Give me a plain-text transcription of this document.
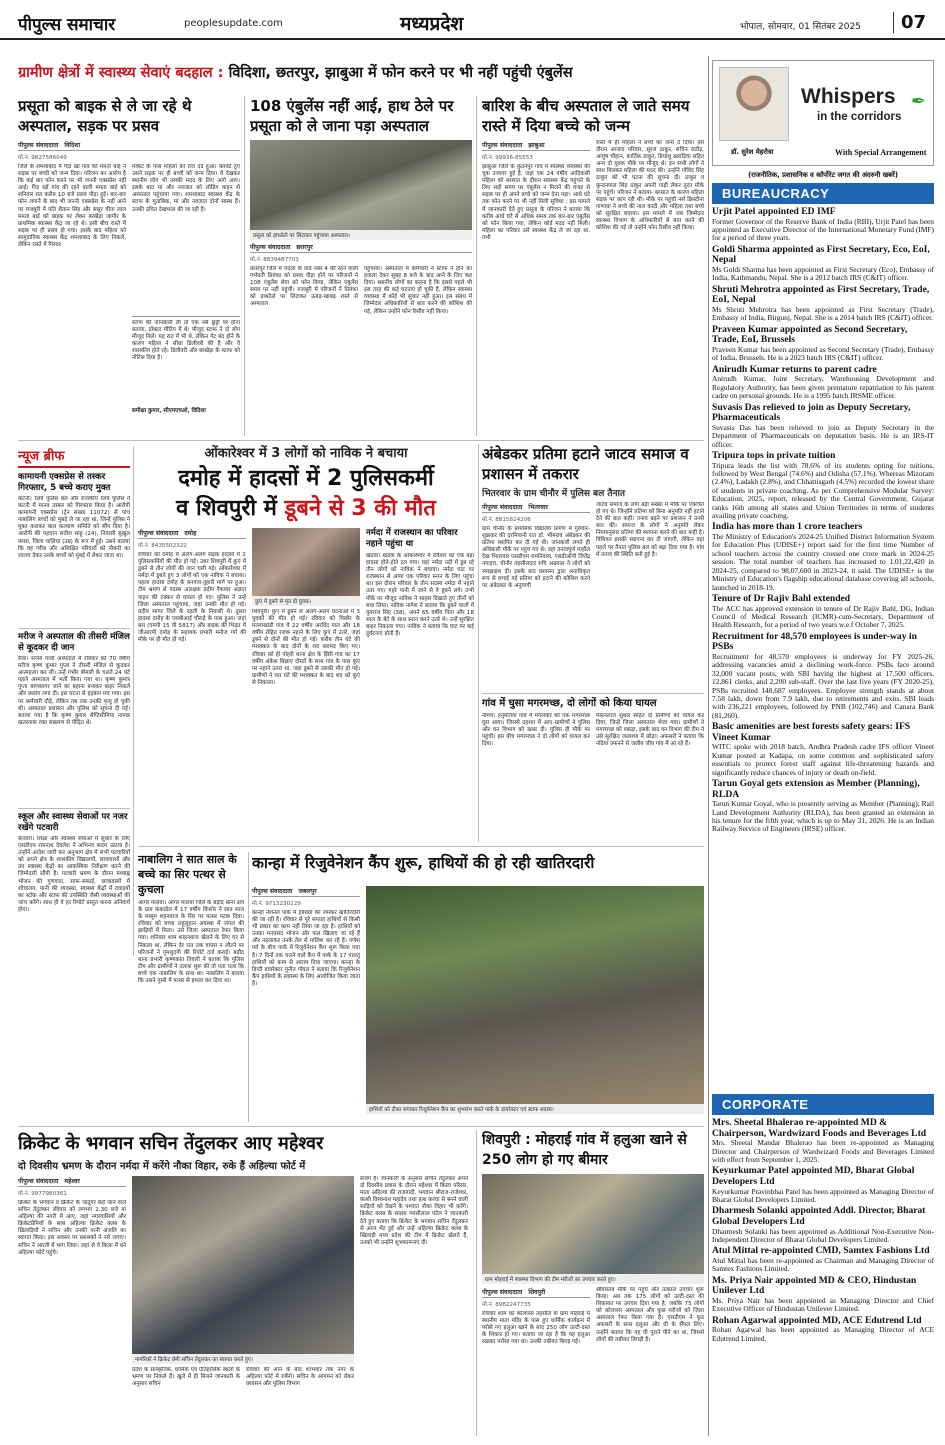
पीपुल्स समाचार	peoplesupdate.com	मध्यप्रदेश	भोपाल, सोमवार, 01 सितंबर 2025	07
ग्रामीण क्षेत्रों में स्वास्थ्य सेवाएं बदहाल : विदिशा, छतरपुर, झाबुआ में फोन करने पर भी नहीं पहुंची एंबुलेंस
प्रसूता को बाइक से ले जा रहे थे अस्पताल, सड़क पर प्रसव
पीपुल्स संवाददाता विदिशा
मो.नं. 9827586049
जिले के शमशाबाद में गैदा खाँ गांव की ममता बाई ने सड़क पर बच्ची को जन्म दिया। परिजन का आरोप है कि कई बार फोन करने पर भी जननी एक्सप्रेस नहीं आई। गैंदा खाँ गांव की रहने वाली ममता बाई को शनिवार रात करीब 10 बजे प्रसव पीड़ा हुई। बार-बार फोन लगाने के बाद भी जननी एक्सप्रेस के नहीं आने पर मजबूरी में पति शैतान सिंह और ससुर चीता लाल ममता बाई को बाइक पर लेकर बरखेड़ा जागीर के प्राथमिक स्वास्थ्य केंद्र जा रहे थे। इसी बीच रास्ते में सड़क पर ही प्रसव हो गया। इसके बाद महिला को सामुदायिक स्वास्थ्य केंद्र शमशाबाद के लिए निकले, लेकिन रास्ते में गिरधर
मार्केट के पास महिला को तेज दर्द हुआ। करवटें हुए उसने सड़क पर ही बच्ची को जन्म दिया। ये देखकर स्थानीय लोग भी उसकी मदद के लिए आगे आए। इसके बाद मां और नवजात को लोडिंग वाहन से अस्पताल पहुंचाया गया। शमशाबाद स्वास्थ्य केंद्र के स्टाफ के मुताबिक, मां और नवजात दोनों स्वस्थ हैं। उनकी उचित देखभाल की जा रही है।
स्टाफ की जानकारी ली तो एक नर्स छुट्टी पर होना बताया, डॉक्टर मीटिंग में थे। मौजूद स्टाफ ने दो लोग मौजूद मिले। यह रात में भी थे, लेकिन गेट बंद होने के कारण महिला ने सीधा डिलीवरी की है और वे शासकीय होते रहे। डिलीवरी और बरखेड़ा के स्टाफ को नोटिस दिया है।
समीक्षा कुमार, सीएमएचओ, विदिशा
108 एंबुलेंस नहीं आई, हाथ ठेले पर प्रसूता को ले जाना पड़ा अस्पताल
प्रसूता को हाथठेले पर लिटाकर पहुंचाया अस्पताल।
पीपुल्स संवाददाता छतरपुर
मो.नं. 8839487703
छतरपुर जिले में चंदला के वार्ड नंबर 4 की रहने वाली गर्भवती प्रियंका को प्रसव पीड़ा होने पर परिजनों ने 108 एंबुलेंस सेवा को फोन किया, लेकिन एंबुलेंस समय पर नहीं पहुंची। मजबूरी में परिजनों ने प्रियंका को हाथठेले पर लिटाकर ऊबड़-खाबड़ रास्ते से अस्पताल
पहुंचाया। अस्पताल में कर्मचारी ने स्टाफ न होने का हवाला देकर सुबह 8 बजे के बाद आने के लिए कह दिया। स्थानीय लोगों का कहना है कि इससे पहले भी इस तरह की कई घटनाएं हो चुकी हैं, लेकिन स्वास्थ्य व्यवस्था में कोई भी सुधार नहीं हुआ। इस संबंध में जिम्मेदार अधिकारियों से बात करने की कोशिश की गई, लेकिन उन्होंने फोन रिसीव नहीं किया।
बारिश के बीच अस्पताल ले जाते समय रास्ते में दिया बच्चे को जन्म
पीपुल्स संवाददाता झाबुआ
मो.नं. 99936-85553
झाबुआ जिले के कुंदनपुर गांव में स्वास्थ्य व्यवस्था की चूक उजागर हुई है, जहां एक 24 वर्षीय आदिवासी महिला को बरसात के दौरान स्वास्थ्य केंद्र पहुंचने के लिए सही समय पर एंबुलेंस न मिलने की वजह से सड़क पर ही अपने बच्चे को जन्म देना पड़ा। आधे घंटे तक फोन करने पर भी नहीं मिली सुविधा : इस मामले में जानकारी देते हुए प्रसूता के परिजन ने बताया कि करीब आधे घंटे से अधिक समय तक बार-बार एंबुलेंस को फोन किया गया, लेकिन कोई मदद नहीं मिली। महिला का परिवार उसे स्वास्थ्य केंद्र ले जा रहा था, तभी
रास्ते में ही महिला ने बच्चे को जन्म दे दिया। इस दौरान आजाद परिवार, सूरज ठाकुर, सचिन राठौड़, आयुष चौहान, कार्तिक ठाकुर, प्रियांशु खराड़िया सहित अन्य दो युवक मौके पर मौजूद थे। इन सभी लोगों ने साथ मिलकर महिला की मदद की। उन्होंने गोविंद सिंह ठाकुर को भी घटना की सूचना दी। ठाकुर व कुन्दनपाल सिंह ठाकुर अपनी गाड़ी लेकर तुरंत मौके पर पहुंचे। परिजन ने बताया- बरसात के कारण महिला सड़क पर कांप रही थी। मौके पर पहुंची नर्स क्रिस्टीना गाणावा ने बच्चे की नाल काटी और महिला तथा बच्चे को सुरक्षित बचाया। इस मामले में जब जिम्मेदार स्वास्थ्य विभाग के अधिकारियों से बात करने की कोशिश की गई तो उन्होंने फोन रिसीव नहीं किया।
न्यूज ब्रीफ
कामायनी एक्सप्रेस से तस्कर गिरफ्तार, 5 बच्चे कराए मुक्त
कटनी। रेलवे पुलिस बल और राजकीय रेलवे पुलिस ने कटनी में मानव तस्कर को गिरफ्तार किया है। आरोपी कामायनी एक्सप्रेस (ट्रेन संख्या 11072) से पांच नाबालिग बच्चों को मुंबई ले जा रहा था, जिन्हें पुलिस ने मुक्त कराकर बाल कल्याण समिति को सौंप दिया है। आरोपी की पहचान सतीश साहू (24), निवासी सुखुल छपरा, जिला चालिया (उप्र) के रूप में हुई। उसने बताया कि वह गरीब और अशिक्षित परिवारों को नौकरी का लालच देकर उनके बच्चों को मुंबई में लेकर जाता था।
मरीज ने अस्पताल की तीसरी मंजिल से कूदकर दी जान
रीवा। संजय गांधी अस्पताल में रविवार को 70 वर्षीय मरीज कृष्ण कुमार गुप्ता ने तीसरी मंजिल से कूदकर आत्महत्या कर ली। उन्हें गंभीर बीमारी के चलते 24 घंटे पहले अस्पताल में भर्ती किया गया था। कृष्ण कुमार गुप्ता बाणसागर जाने का बहाना बनाकर बाहर निकले और छलांग लगा दी। इस घटना से हड़कंप मच गया। इस पर कर्मचारी दौड़े, लेकिन तब तक उनकी मृत्यु हो चुकी थी। अस्पताल प्रशासन और पुलिस को सूचना दी गई। बताया गया है कि कृष्ण कुमार सेप्टिसीमिया नामक खतरनाक रक्त संक्रमण से पीड़ित थे।
स्कूल और स्वास्थ्य सेवाओं पर नजर रखेंगे पटवारी
बाजारा। शिक्षा और स्वास्थ्य सेवाओं में सुधार के लिए एसडीएम रामनाथ देवलेश ने अभिनव कदम उठाया है। उन्होंने आदेश जारी कर अनुभाग क्षेत्र में सभी पटवारियों को अपने क्षेत्र के शासकीय विद्यालयों, छात्रावासों और उप स्वास्थ्य केंद्रों का आकस्मिक निरीक्षण करने की जिम्मेदारी सौंपी है। पटवारी भ्रमण के दौरान मध्याह्न भोजन की गुणवत्ता, साफ-सफाई, छात्रावासों में शौचालय, पानी की व्यवस्था, स्वास्थ्य केंद्रों में दवाइयों का स्टॉक और स्टाफ की उपस्थिति जैसी व्यवस्थाओं की जांच करेंगे। साथ ही वे हर रिपोर्ट प्रस्तुत करना अनिवार्य होगा।
ओंकारेश्वर में 3 लोगों को नाविक ने बचाया
दमोह में हादसों में 2 पुलिसकर्मी
व शिवपुरी में डूबने से 3 की मौत
पीपुल्स संवाददाता दमोह
मो.नं. 8435502322
रविवार को दमोह में अलग-अलग सड़क हादसों में 2 पुलिसकर्मियों की मौत हो गई। उधर शिवपुरी में कुएं में डूबने से तीन लोगों की जान चली गई। ओंकारेश्वर में नर्मदा में डूबते हुए 3 लोगों को एक नाविक ने बचाया। पहला हादसा दमोह के बनगांव-तुहारी मार्ग पर हुआ। टीम भ्रमण से पदस्थ आरक्षक प्रदीप रैकवार अज्ञात वाहन की टक्कर से घायल हो गए। पुलिस ने उन्हें जिला अस्पताल पहुंचाया, जहां उनकी मौत हो गई। प्रदीप सागर जिले के रहली के निवासी थे। दूसरा हादसा दमोह के एसबीआई चौराहे के पास हुआ। जहां बस (एमपी 15 पी 5817) और बाइक की भिड़ंत में जीआरपी दमोह के सहायक प्रभारी मनोज गर्ग की मौके पर ही मौत हो गई।
कुएं में डूबने से मृत दो युवक।
शिवपुरी। कुएं में डूबने से अलग-अलग घटनाओं में 3 युवकों की मौत हो गई। रविवार को पिछोर के मल्लाखांडी गांव में 22 वर्षीय अरविंद पाल और 18 वर्षीय रोहित रजक नहाने के लिए कुएं में उतरे, जहां डूबने से दोनों की मौत हो गई। करीब तीन घंटे की मशक्कत के बाद दोनों के शव बरामद किए गए। रविवार को ही पोहरी थाना क्षेत्र के झिरी गांव का 17 वर्षीय अंकेश बिछाए दोस्तों के साथ गांव के पास कुएं पर नहाने उतरा था, जहां डूबने से उसकी मौत हो गई। ग्रामीणों ने चार घंटे की मशक्कत के बाद शव को कुएं से निकाला।
नर्मदा में राजस्थान का परिवार नहाने पहुंचा था
खंडवा। खंडवा के ओंकारेश्वर में रविवार को एक बड़ा हादसा होते-होते टल गया। यहां नर्मदा नदी में डूब रहे तीन लोगों को नाविक ने बचाया। नर्मदा घाट पर राजस्थान से आया एक परिवार स्नान के लिए पहुंचा था। इस दौरान परिवार के तीन सदस्य नर्मदा में नहाने उतर गए। गहरे पानी में जाने से वे डूबने लगे। तभी मौके पर मौजूद नाविक ने साहस दिखाते हुए तीनों को बचा लिया। नाविक नागेश ने बताया कि डूबने वालों में युवराज सिंह (38), अपने 65 वर्षीय पिता और 18 साल के बेटे के साथ स्नान करने उतरे थे। उन्हें सुरक्षित बाहर निकाला गया। नाविक ने बताया कि घाट पर कई दुर्घटनाएं होती हैं।
अंबेडकर प्रतिमा हटाने जाटव समाज व प्रशासन में तकरार
भितरवार के ग्राम चीनौर में पुलिस बल तैनात
पीपुल्स संवाददाता भितरवार
मो.नं. 8815824206
ग्राम चीनौर के प्राथमिक विद्यालय प्रांगण में गुरुवार-शुक्रवार की दरमियानी रात डॉ. भीमराव अंबेडकर की प्रतिमा स्थापित कर दी गई थी। जानकारी लगते ही अधिकारी मौके पर पहुंच गए थे। वहां तनावपूर्ण माहौल देख भितरवार एसडीएम रामनिवास, एसडीओपी जितेंद्र नगाइच, चीनौर तहसीलदार रुचि अग्रवाल ने लोगों को समझाइश दी। इसके बाद प्रशासन द्वारा अनाधिकृत रूप से लगाई गई प्रतिमा को हटाने की कोशिश करने पर अंबेडकर के अनुयायी
जाटव समाज के लोग बड़ी संख्या में मौके पर एकत्रित हो गए थे। जिन्होंने प्रतिमा को बिना अनुमति नहीं हटाने देने की बात कही। तनाव बढ़ने पर प्रशासन ने उनसे बात की। समाज के लोगों ने अनुमति लेकर नियमानुसार प्रतिमा की स्थापना करने की बात कही है। विधिवत इसकी स्थापना कर दी जाएगी, लेकिन वहां पहले पर तैनात पुलिस बल को बढ़ा दिया गया है। गांव में तनाव की स्थिति बनी हुई है।
गांव में घुसा मगरमच्छ, दो लोगों को किया घायल
नीमच। हनुमतिया गांव में मंगलवार को एक मगरमच्छ घुस आया। जिससे दहशत में आए ग्रामीणों ने पुलिस और वन विभाग को खबर दी। पुलिस ही मौके पर पहुंची। इस बीच मगरमच्छ ने दो लोगों को घायल कर दिया।
मोहनलाल सुथार सहित दो ग्रामीणों को घायल कर दिया, जिन्हें जिला अस्पताल भेजा गया। ग्रामीणों ने मगरमच्छ को पकड़ा, इसके बाद वन विभाग की टीम ने उसे सुरक्षित जलाशय में छोड़ा। अफसरों ने बताया कि नदियां उफनने से जलीय जीव गांव में आ रहे हैं।
नाबालिग ने सात साल के बच्चे का सिर पत्थर से कुचला
आगर मालवा। आगर मालवा जिले के बड़ौद थाना क्षेत्र के ग्राम कंकाडेल में 17 वर्षीय किशोर ने सात साल के मासूम शहनवाज के सिर पर पत्थर पटक दिया। रविवार को बच्चा लहूलुहान अवस्था में जंगल की झाड़ियों में मिला। उसे जिला अस्पताल रेफर किया गया। शनिवार शाम शाहनवाज खेलने के लिए घर से निकला था, लेकिन देर रात तक वापस न लौटने पर परिजनों ने गुमशुदगी की रिपोर्ट दर्ज कराई। बड़ौद थाना प्रभारी कृष्णकांत तिवारी ने बताया कि पुलिस टीम और ग्रामीणों ने तलाश शुरू की तो पता चला कि बच्चे एक नाबालिग के साथ था। नाबालिग ने बताया कि उसने गुस्से में पत्थर से हमला कर दिया था।
कान्हा में रिजुवेनेशन कैंप शुरू, हाथियों की हो रही खातिरदारी
पीपुल्स संवाददाता जबलपुर
मो.नं. 9713230229
कान्हा नेशनल पार्क में हाथियों की जमकर खातिरदारी की जा रही है। रविवार से पूरे सप्ताह हाथियों से किसी भी प्रकार का काम नहीं लिया जा रहा है। हाथियों को उनका मनपसंद भोजन और फल खिलाए जा रहे हैं और नहलाकर उनके तेल से मालिश कर रहे हैं। गणेश पर्व के बीच पार्क में रिजुवेनेशन कैंप शुरू किया गया है। 7 दिनों तक चलने वाले कैंप में पार्क के 17 पालतू हाथियों को काम से आराम दिया जाएगा। कान्हा के डिप्टी डायरेक्टर पुनीत गोयल ने बताया कि रिजुवेनेशन कैंप हाथियों के स्वास्थ्य के लिए आयोजित किया जाता है।
हाथियों को टीका लगाकर रिजुवेनेशन कैंप का शुभारंभ करते पार्क के डायरेक्टर एवं स्टाफ सदस्य।
क्रिकेट के भगवान सचिन तेंदुलकर आए महेश्वर
दो दिवसीय भ्रमण के दौरान नर्मदा में करेंगे नौका विहार, रुके हैं अहिल्या फोर्ट में
पीपुल्स संवाददाता महेश्वर
मो.नं. 9977980361
क्रिकेट के भगवान व क्रिकेट के जादूगर कहे जाने वाले सचिन तेंदुलकर रविवार को लगभग 2.30 बजे मां अहिल्या की नगरी में आए, जहां नगरवासियों और क्रिकेटप्रेमियों के साथ अहिल्या क्रिकेट क्लब के खिलाड़ियों ने सचिन और उनकी पत्नी अंजलि का स्वागत किया। इस अवसर पर प्रशंसकों ने नारे लगाए। सचिन ने आरती में भाग लिया। जहां से वे किला में बने अहिल्या फोर्ट पहुंचे।
नागरिकों ने क्रिकेट प्रेमी सचिन तेंदुलकर का स्वागत करते हुए।
प्रदेश के सांस्कृतिक, धार्मिक एवं ऐतिहासिक स्थलों के भ्रमण पर निकले हैं। खुले में ही मिलने जानकारी के अनुसार सचिन
रविवार की आने के बाद शांभवार तक नगर के अहिल्या फोर्ट में रुकेंगे। सचिन के आगमन को लेकर प्रशासन और पुलिस विभाग
सजग है। जानकारी के अनुसार सचिन तेंदुलकर अपने दो दिवसीय प्रवास के दौरान महेश्वर में किला परिसर, माता अहिल्या की राजगादी, भगवान श्रीराज-राजेश्वर, काशी विश्वनाथ महादेव तथा हाथ करघा से बनने वाली साड़ियों को देखने के पश्चात नौका विहार भी करेंगे। क्रिकेट क्लब के सदस्य ग्यासीलाल पटेल ने जानकारी देते हुए बताया कि क्रिकेट के भगवान सचिन तेंदुलकर से आज भेंट हुई और उन्हें अहिल्या क्रिकेट क्लब के खिलाड़ी मध्य प्रदेश की टीम में क्रिकेट खेलते हैं, उनको भी उन्होंने शुभकामनाएं दीं।
शिवपुरी : मोहराई गांव में हलुआ खाने से 250 लोग हो गए बीमार
ग्राम मोहराई में स्वास्थ्य विभाग की टीम मरीजों का उपचार करते हुए।
पीपुल्स संवाददाता शिवपुरी
मो.नं. 8982247735
रविवार शाम को कोलारस तहसील के ग्राम मोहराई में स्थानीय माता मंदिर के पास हुए धार्मिक कार्यक्रम में परोसे गए हलुआ खाने के बाद 250 लोग उल्टी-दस्त के शिकार हो गए। बताया जा रहा है कि यह हलुआ रखकर परोसा गया था। उनकी तबीयत बिगड़ गई।
श्रीवास्तव मौके पर पहुंचे और तत्काल उपचार शुरू किया। अब तक 175 लोगों को उल्टी-दस्त की शिकायत पर उपचार दिया गया है, जबकि 75 लोगों को कोलारस अस्पताल और कुछ मरीजों को जिला अस्पताल रेफर किया गया है। एसडीएम ने फूड अफसरों के साथ हलुआ और घी के सैंपल लिए। उन्होंने बताया कि यह घी पुराने पीने का था, जिससे लोगों की तबीयत बिगड़ी है।
Whispers
in the corridors
✒
डॉ. सुरेश मेहरोत्रा	With Special Arrangement
(राजनीतिक, प्रशासनिक व कॉर्पोरेट जगत की अंदरुनी खबरें)
BUREAUCRACY
Urjit Patel appointed ED IMF

Former Governor of the Reserve Bank of India (RBI), Urjit Patel has been appointed as Executive Director of the International Monetary Fund (IMF) for a period of three years.

Goldi Sharma appointed as First Secretary, Eco, EoI, Nepal

Ms Goldi Sharma has been appointed as First Secretary (Eco), Embassy of India, Kathmandu, Nepal. She is a 2012 batch IRS (C&IT) officer.

Shruti Mehrotra appointed as First Secretary, Trade, EoI, Nepal

Ms Shruti Mehrotra has been appointed as First Secretary (Trade), Embassy of India, Birgunj, Nepal. She is a 2014 batch IRS (C&IT) officer.

Praveen Kumar appointed as Second Secretary, Trade, EoI, Brussels

Praveen Kumar has been appointed as Second Secretary (Trade), Embassy of India, Brussels. He is a 2023 batch IRS (C&IT) officer.

Anirudh Kumar returns to parent cadre

Anirudh Kumar, Joint Secretary, Warehousing Development and Regulatory Authority, has been given premature repatriation to his parent cadre on personal grounds. He is a 1995 batch IRSME officer.

Suvasis Das relieved to join as Deputy Secretary, Pharmaceuticals

Suvasis Das has been relieved to join as Deputy Secretary in the Department of Pharmaceuticals on deputation basis. He is an IRS-IT officer.

Tripura tops in private tuition

Tripura leads the list with 78.6% of its students opting for tuitions, followed by West Bengal (74.6%) and Odisha (57.1%). Whereas Mizoram (2.4%), Ladakh (2.8%), and Chhattisgarh (4.5%) recorded the lowest share of students in private coaching. As per Comprehensive Modular Survey: Education, 2025, report, released by the Central Government, Gujarat ranks 16th among all states and Union Territories in terms of students availing private coaching.

India has more than 1 crore teachers

The Ministry of Education's 2024-25 Unified District Information System for Education Plus (UDISE+) report said for the first time Number of school teachers across the country crossed one crore mark in 2024-25 session. The total number of teachers has increased to 1,01,22,420 in 2024-25, compared to 98,07,600 in 2023-24, it said. The UDISE+ is the Ministry of Education's flagship educational database covering all schools, launched in 2018-19.

Tenure of Dr Rajiv Bahl extended

The ACC has approved extension in tenure of Dr Rajiv Bahl, DG, Indian Council of Medical Research (ICMR)-cum-Secretary, Department of Health Research, for a period of two years w.e.f October 7, 2025.

Recruitment for 48,570 employees is under-way in PSBs

Recruitment for 48,570 employees is underway for FY 2025-26, addressing vacancies amid a declining work-force. PSBs face around 32,000 vacant posts, with SBI having the highest at 17,500 officers, 12,861 clerks, and 2,200 sub-staff. Over the last five years (FY 2020-25), PSBs recruited 148,687 employees. Employee strength stands at about 7.58 lakh, down from 7.9 lakh, due to retirements and exits. SBI leads with 236,221 employees, followed by PNB (102,746) and Canara Bank (81,260).

Basic amenities are best forests safety gears: IFS Vineet Kumar

WITC spoke with 2018 batch, Andhra Pradesh cadre IFS officer Vineet Kumar posted at Kadapa, on some common and sophisticated safety essentials to protect forest staff against life-threatening hazards and significantly reduce chances of injury or death on-field.

Tarun Goyal gets extension as Member (Planning), RLDA

Tarun Kumar Goyal, who is presently serving as Member (Planning), Rail Land Development Authority (RLDA), has been granted an extension in his tenure for the fifth year, which is up to May 31, 2026. He is an Indian Railway Service of Engineers (IRSE) officer.

CORPORATE
Mrs. Sheetal Bhalerao re-appointed MD & Chairperson, Wardwizard Foods and Beverages Ltd

Mrs. Sheetal Mandar Bhalerao has been re-appointed as Managing Director and Chairperson of Wardwizard Foods and Beverages Limited with effect from September 1, 2025.

Keyurkumar Patel appointed MD, Bharat Global Developers Ltd

Keyurkumar Pravinbhai Patel has been appointed as Managing Director of Bharat Global Developers Limited.

Dharmesh Solanki appointed Addl. Director, Bharat Global Developers Ltd

Dharmesh Solanki has been appointed as Additional Non-Executive Non-Independent Director of Bharat Global Developers Limited.

Atul Mittal re-appointed CMD, Samtex Fashions Ltd

Atul Mittal has been re-appointed as Chairman and Managing Director of Samtex Fashions Limited.

Ms. Priya Nair appointed MD & CEO, Hindustan Unilever Ltd

Ms. Priya Nair has been appointed as Managing Director and Chief Executive Officer of Hindustan Unilever Limited.

Rohan Agarwal appointed MD, ACE Edutrend Ltd

Rohan Agarwal has been appointed as Managing Director of ACE Edutrend Limited.
